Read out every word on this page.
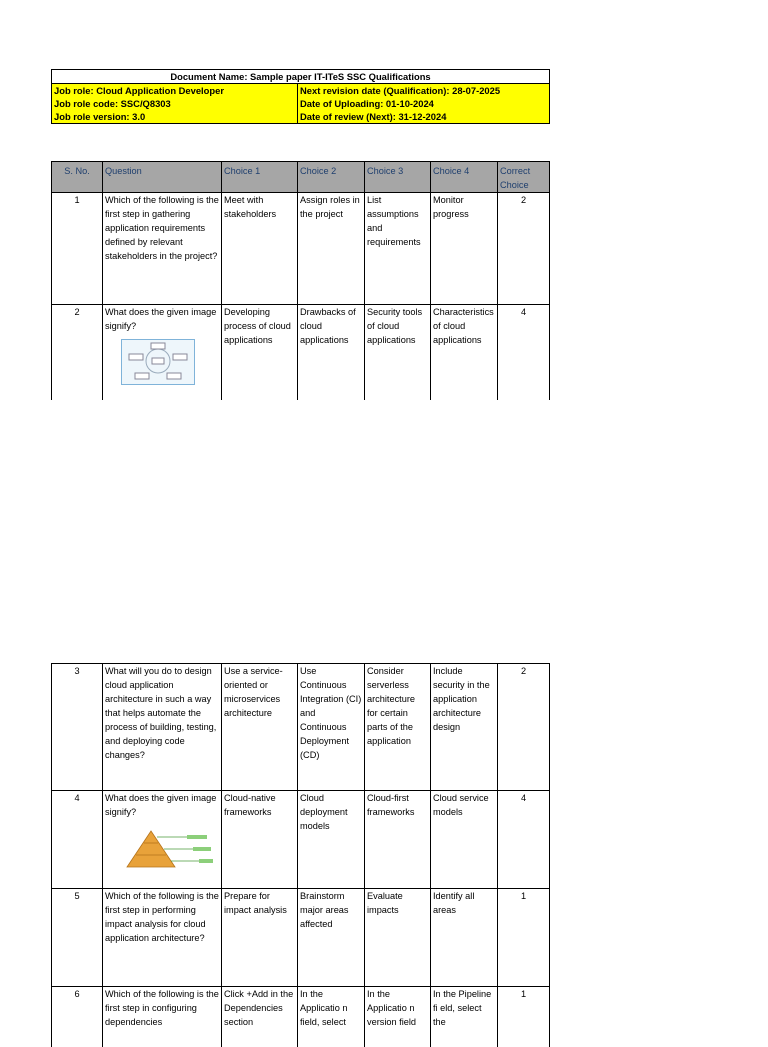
Document Name: Sample paper IT-ITeS SSC Qualifications	
Job role: Cloud Application Developer	Next revision date (Qualification): 28-07-2025
Job role code: SSC/Q8303	Date of Uploading: 01-10-2024
Job role version: 3.0	Date of review (Next): 31-12-2024
S. No.	Question	Choice 1	Choice 2	Choice 3	Choice 4	Correct Choice
1	Which of the following is the first step in gathering application requirements defined by relevant stakeholders in the project?	Meet with stakeholders	Assign roles in the project	List assumptions and requirements	Monitor progress	2
2	What does the given image signify?	Developing process of cloud applications	Drawbacks of cloud applications	Security tools of cloud applications	Characteristics of cloud applications	4
3	What will you do to design cloud application architecture in such a way that helps automate the process of building, testing, and deploying code changes?	Use a service-oriented or microservices architecture	Use Continuous Integration (CI) and Continuous Deployment (CD)	Consider serverless architecture for certain parts of the application	Include security in the application architecture design	2
4	What does the given image signify?	Cloud-native frameworks	Cloud deployment models	Cloud-first frameworks	Cloud service models	4
5	Which of the following is the first step in performing impact analysis for cloud application architecture?	Prepare for impact analysis	Brainstorm major areas affected	Evaluate impacts	Identify all areas	1
6	Which of the following is the first step in configuring dependencies	Click +Add in the Dependencies section	In the Applicatio n field, select	In the Applicatio n version field	In the Pipeline fi eld, select the	1
